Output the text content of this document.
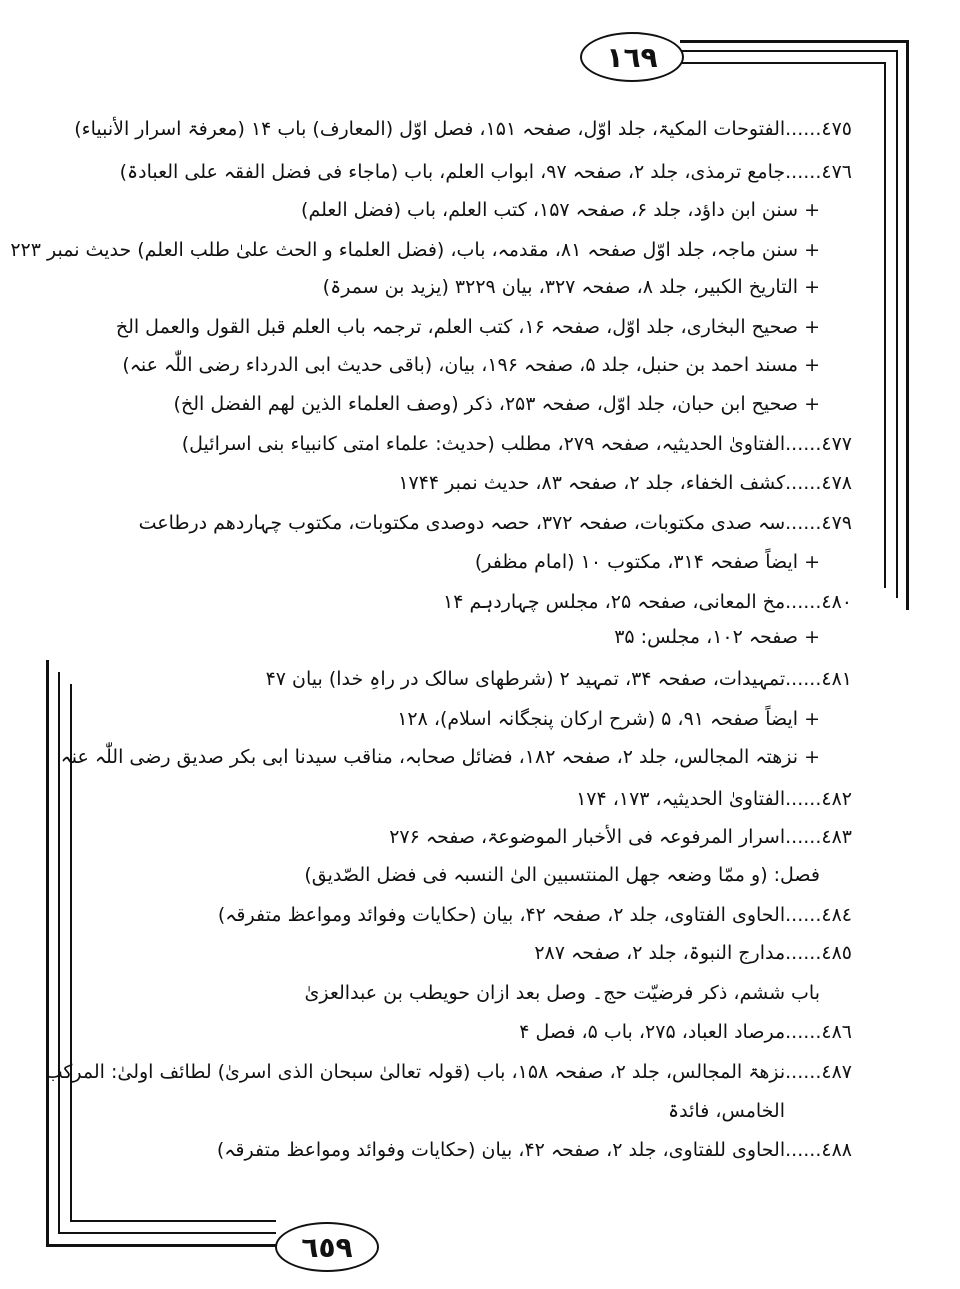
١٦٩
٦٥٩
٤٧٥......الفتوحات المکیۃ، جلد اوّل، صفحہ ۱۵۱، فصل اوّل (المعارف) باب ۱۴ (معرفۃ اسرار الأنبیاء)
٤٧٦......جامع ترمذی، جلد ۲، صفحہ ۹۷، ابواب العلم، باب (ماجاء فی فضل الفقہ علی العبادۃ)
+ سنن ابن داؤد، جلد ۶، صفحہ ۱۵۷، کتب العلم، باب (فضل العلم)
+ سنن ماجہ، جلد اوّل صفحہ ۸۱، مقدمہ، باب، (فضل العلماء و الحث علیٰ طلب العلم) حدیث نمبر ۲۲۳
+ التاریخ الکبیر، جلد ۸، صفحہ ۳۲۷، بیان ۳۲۲۹ (یزید بن سمرۃ)
+ صحیح البخاری، جلد اوّل، صفحہ ۱۶، کتب العلم، ترجمہ باب العلم قبل القول والعمل الخ
+ مسند احمد بن حنبل، جلد ۵، صفحہ ۱۹۶، بیان، (باقی حدیث ابی الدرداء رضی اللّٰہ عنہ)
+ صحیح ابن حبان، جلد اوّل، صفحہ ۲۵۳، ذکر (وصف العلماء الذین لھم الفضل الخ)
٤٧٧......الفتاویٰ الحدیثیہ، صفحہ ۲۷۹، مطلب (حدیث: علماء امتی کانبیاء بنی اسرائیل)
٤٧٨......کشف الخفاء، جلد ۲، صفحہ ۸۳، حدیث نمبر ۱۷۴۴
٤٧٩......سہ صدی مکتوبات، صفحہ ۳۷۲، حصہ دوصدی مکتوبات، مکتوب چہاردھم درطاعت
+ ایضاً صفحہ ۳۱۴، مکتوب ۱۰ (امام مظفر)
٤٨٠......مخ المعانی، صفحہ ۲۵، مجلس چہاردہم ۱۴
+ صفحہ ۱۰۲، مجلس: ۳۵
٤٨١......تمہیدات، صفحہ ۳۴، تمہید ۲ (شرطھای سالک در راہِ خدا) بیان ۴۷
+ ایضاً صفحہ ۹۱، ۵ (شرح ارکان پنجگانہ اسلام)، ۱۲۸
+ نزھتہ المجالس، جلد ۲، صفحہ ۱۸۲، فضائل صحابہ، مناقب سیدنا ابی بکر صدیق رضی اللّٰہ عنہ
٤٨٢......الفتاویٰ الحدیثیہ، ۱۷۳، ۱۷۴
٤٨٣......اسرار المرفوعہ فی الأخبار الموضوعۃ، صفحہ ۲۷۶
فصل: (و ممّا وضعہ جھل المنتسبین الیٰ النسبہ فی فضل الصّدیق)
٤٨٤......الحاوی الفتاوی، جلد ۲، صفحہ ۴۲، بیان (حکایات وفوائد ومواعظ متفرقہ)
٤٨٥......مدارج النبوۃ، جلد ۲، صفحہ ۲۸۷
باب ششم، ذکر فرضیّت حج۔ وصل بعد ازان حویطب بن عبدالعزیٰ
٤٨٦......مرصاد العباد، ۲۷۵، باب ۵، فصل ۴
٤٨٧......نزھۃ المجالس، جلد ۲، صفحہ ۱۵۸، باب (قولہ تعالیٰ سبحان الذی اسریٰ) لطائف اولیٰ: المرکب
الخامس، فائدۃ
٤٨٨......الحاوی للفتاوی، جلد ۲، صفحہ ۴۲، بیان (حکایات وفوائد ومواعظ متفرقہ)
